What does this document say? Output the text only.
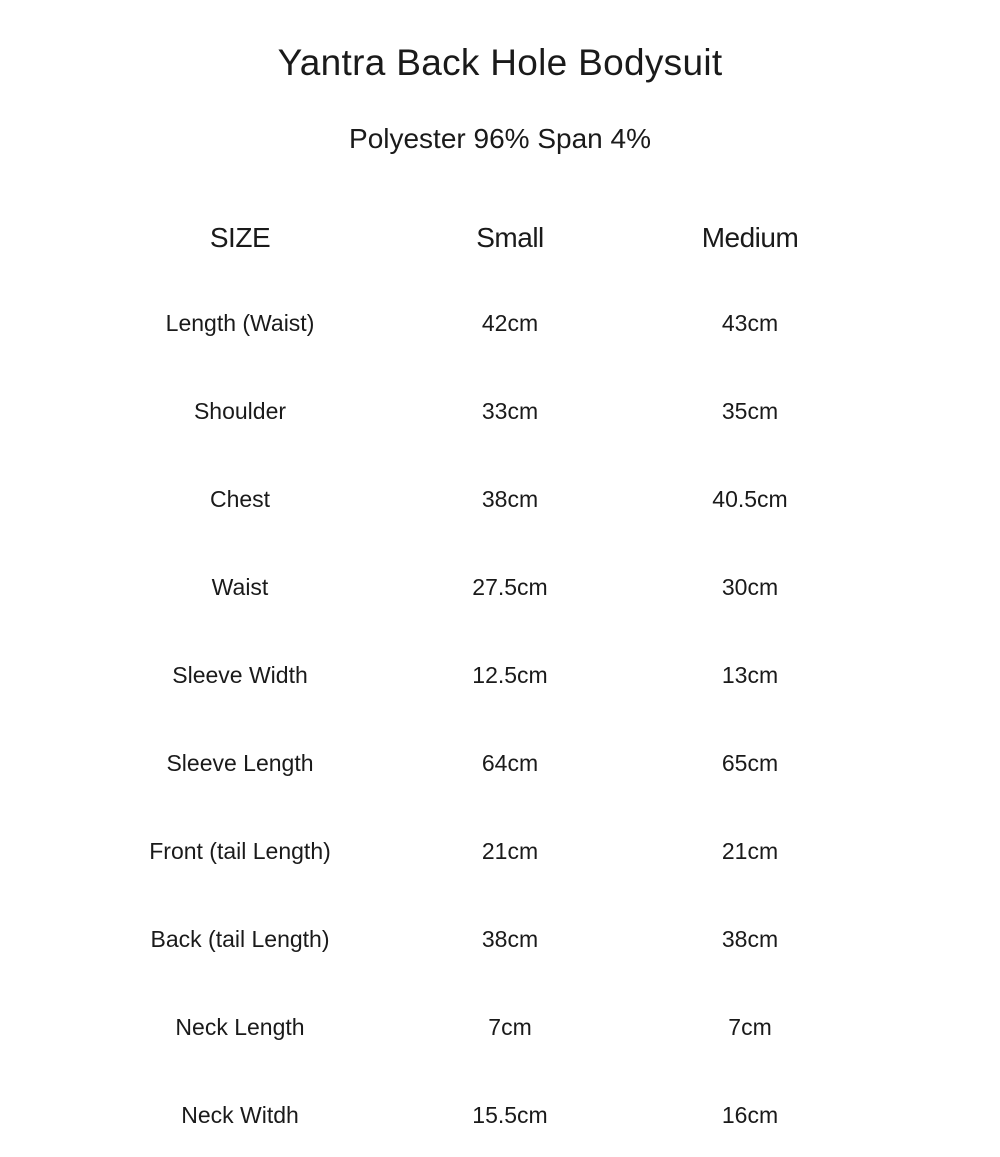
Yantra Back Hole Bodysuit
Polyester 96% Span 4%
SIZE	Small	Medium
Length (Waist)	42cm	43cm
Shoulder	33cm	35cm
Chest	38cm	40.5cm
Waist	27.5cm	30cm
Sleeve Width	12.5cm	13cm
Sleeve Length	64cm	65cm
Front (tail Length)	21cm	21cm
Back (tail Length)	38cm	38cm
Neck Length	7cm	7cm
Neck Witdh	15.5cm	16cm
